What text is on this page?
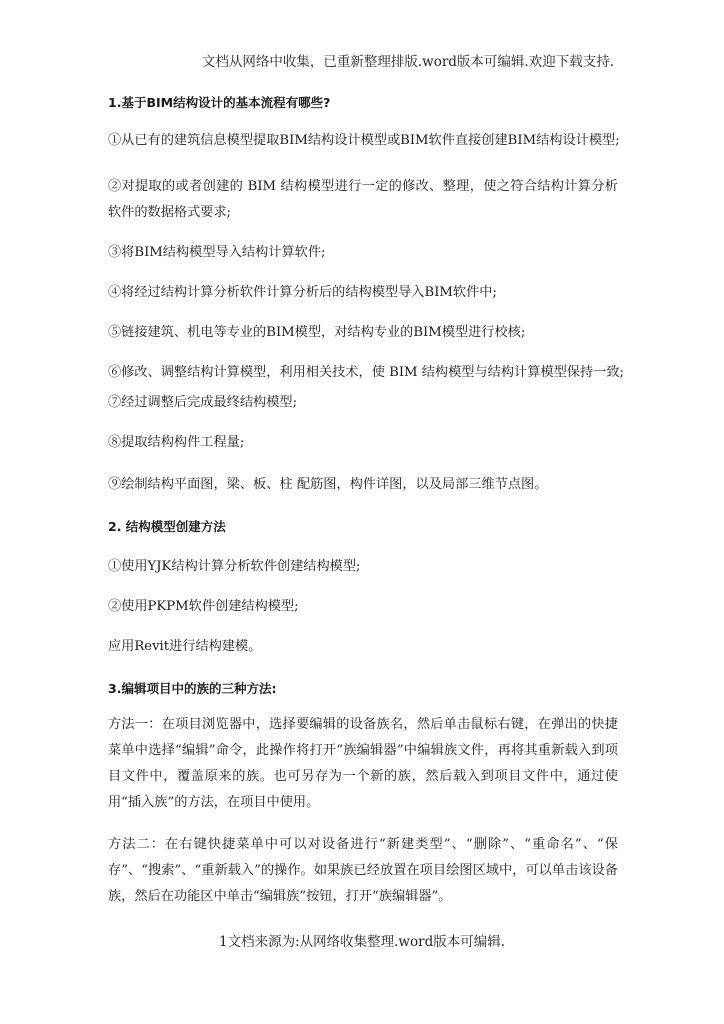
文档从网络中收集，已重新整理排版.word版本可编辑.欢迎下载支持.
1.基于BIM结构设计的基本流程有哪些?
①从已有的建筑信息模型提取BIM结构设计模型或BIM软件直接创建BIM结构设计模型;
②对提取的或者创建的 BIM 结构模型进行一定的修改、整理，使之符合结构计算分析软件的数据格式要求;
③将BIM结构模型导入结构计算软件;
④将经过结构计算分析软件计算分析后的结构模型导入BIM软件中;
⑤链接建筑、机电等专业的BIM模型，对结构专业的BIM模型进行校核;
⑥修改、调整结构计算模型，利用相关技术，使 BIM 结构模型与结构计算模型保持一致;
⑦经过调整后完成最终结构模型;
⑧提取结构构件工程量;
⑨绘制结构平面图，梁、板、柱 配筋图，构件详图，以及局部三维节点图。
2. 结构模型创建方法
①使用YJK结构计算分析软件创建结构模型;
②使用PKPM软件创建结构模型;
应用Revit进行结构建模。
3.编辑项目中的族的三种方法:
方法一：在项目浏览器中，选择要编辑的设备族名，然后单击鼠标右键，在弹出的快捷菜单中选择“编辑”命令，此操作将打开“族编辑器”中编辑族文件，再将其重新载入到项目文件中，覆盖原来的族。也可另存为一个新的族，然后载入到项目文件中，通过使用“插入族”的方法，在项目中使用。
方法二：在右键快捷菜单中可以对设备进行“新建类型”、“删除”、“重命名”、“保存”、“搜索”、“重新载入”的操作。如果族已经放置在项目绘图区域中，可以单击该设备族，然后在功能区中单击“编辑族”按钮，打开“族编辑器”。
1文档来源为:从网络收集整理.word版本可编辑.
